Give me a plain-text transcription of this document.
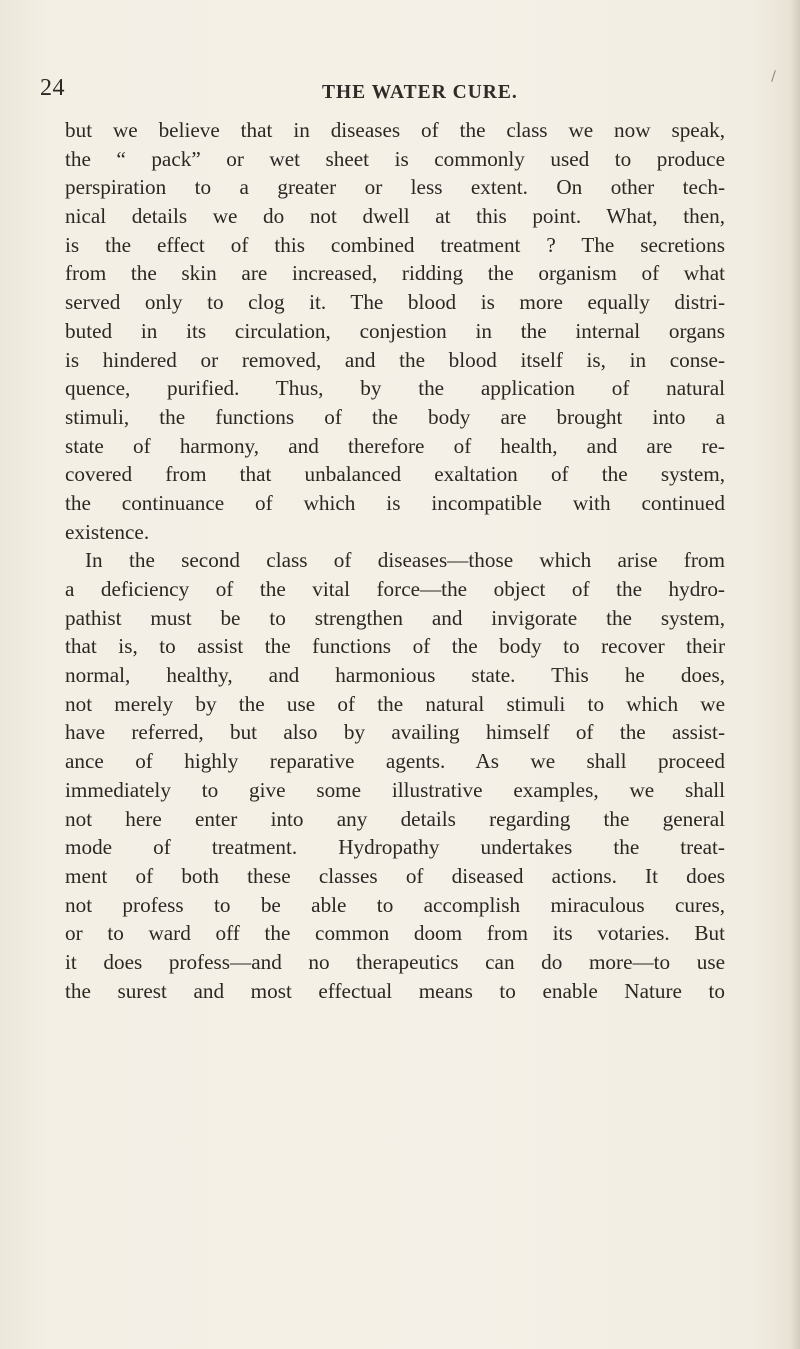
24	THE WATER CURE.
but we believe that in diseases of the class we now speak,
the “ pack” or wet sheet is commonly used to produce
perspiration to a greater or less extent. On other tech-
nical details we do not dwell at this point. What, then,
is the effect of this combined treatment ? The secretions
from the skin are increased, ridding the organism of what
served only to clog it. The blood is more equally distri-
buted in its circulation, conjestion in the internal organs
is hindered or removed, and the blood itself is, in conse-
quence, purified. Thus, by the application of natural
stimuli, the functions of the body are brought into a
state of harmony, and therefore of health, and are re-
covered from that unbalanced exaltation of the system,
the continuance of which is incompatible with continued
existence.
In the second class of diseases—those which arise from
a deficiency of the vital force—the object of the hydro-
pathist must be to strengthen and invigorate the system,
that is, to assist the functions of the body to recover their
normal, healthy, and harmonious state. This he does,
not merely by the use of the natural stimuli to which we
have referred, but also by availing himself of the assist-
ance of highly reparative agents. As we shall proceed
immediately to give some illustrative examples, we shall
not here enter into any details regarding the general
mode of treatment. Hydropathy undertakes the treat-
ment of both these classes of diseased actions. It does
not profess to be able to accomplish miraculous cures,
or to ward off the common doom from its votaries. But
it does profess—and no therapeutics can do more—to use
the surest and most effectual means to enable Nature to
